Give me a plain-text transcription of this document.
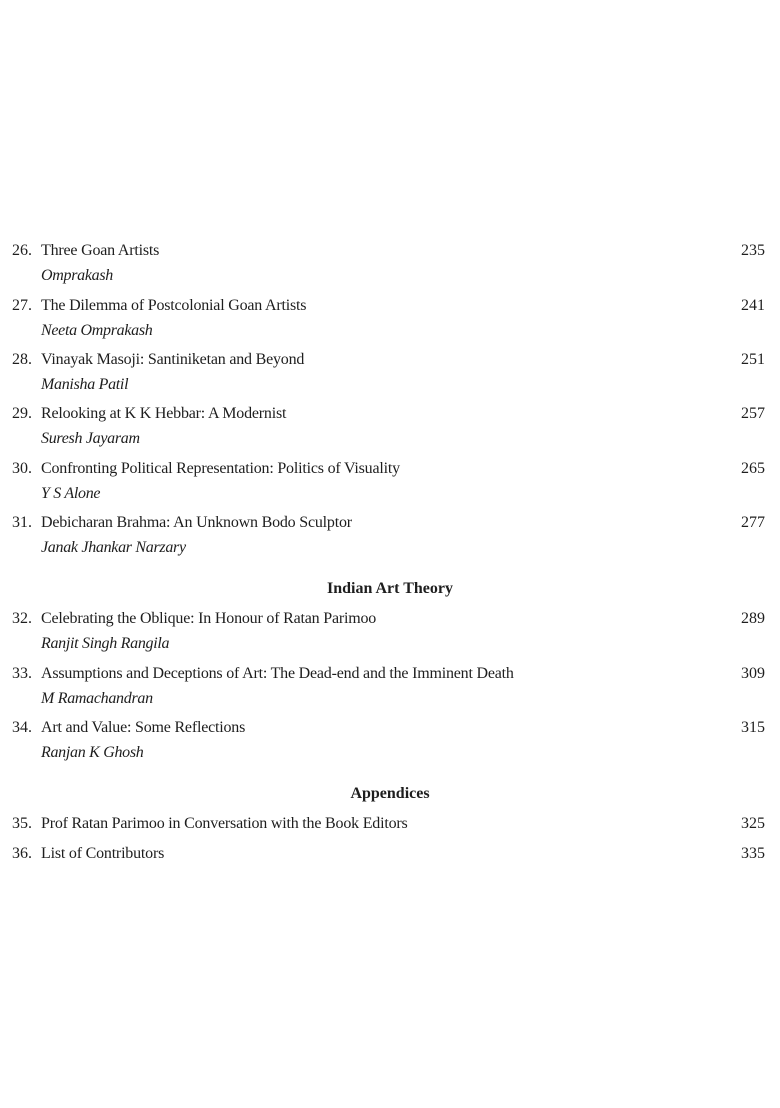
26. Three Goan Artists	235
Omprakash
27. The Dilemma of Postcolonial Goan Artists	241
Neeta Omprakash
28. Vinayak Masoji: Santiniketan and Beyond	251
Manisha Patil
29. Relooking at K K Hebbar: A Modernist	257
Suresh Jayaram
30. Confronting Political Representation: Politics of Visuality	265
Y S Alone
31. Debicharan Brahma: An Unknown Bodo Sculptor	277
Janak Jhankar Narzary
32. Celebrating the Oblique: In Honour of Ratan Parimoo	289
Ranjit Singh Rangila
33. Assumptions and Deceptions of Art: The Dead-end and the Imminent Death	309
M Ramachandran
34. Art and Value: Some Reflections	315
Ranjan K Ghosh
35. Prof Ratan Parimoo in Conversation with the Book Editors	325
36. List of Contributors	335
Indian Art Theory
Appendices
